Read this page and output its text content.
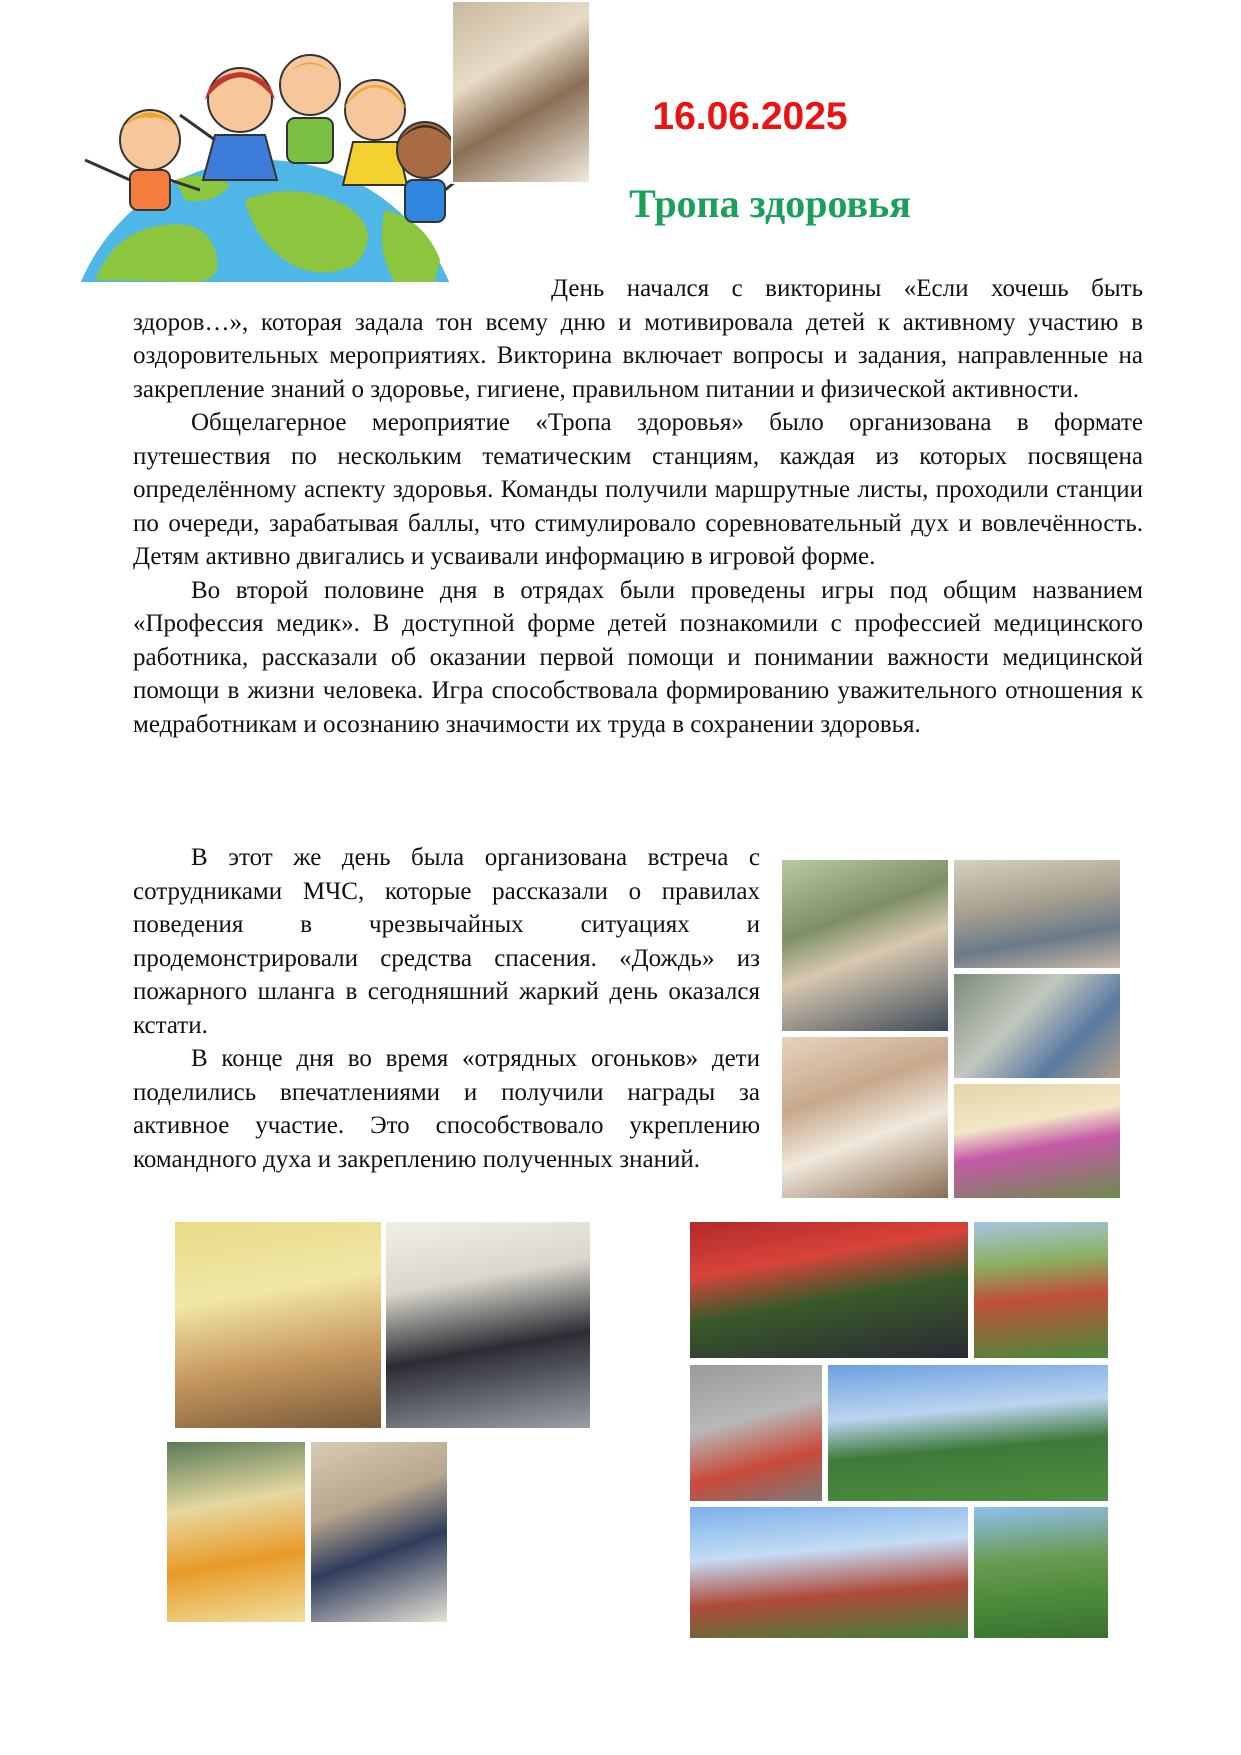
16.06.2025
Тропа здоровья

День начался с викторины «Если хочешь быть здоров…», которая задала тон всему дню и мотивировала детей к активному участию в оздоровительных мероприятиях. Викторина включает вопросы и задания, направленные на закрепление знаний о здоровье, гигиене, правильном питании и физической активности.

Общелагерное мероприятие «Тропа здоровья» было организована в формате путешествия по нескольким тематическим станциям, каждая из которых посвящена определённому аспекту здоровья. Команды получили маршрутные листы, проходили станции по очереди, зарабатывая баллы, что стимулировало соревновательный дух и вовлечённость. Детям активно двигались и усваивали информацию в игровой форме.

Во второй половине дня в отрядах были проведены игры под общим названием «Профессия медик». В доступной форме детей познакомили с профессией медицинского работника, рассказали об оказании первой помощи и понимании важности медицинской помощи в жизни человека. Игра способствовала формированию уважительного отношения к медработникам и осознанию значимости их труда в сохранении здоровья.

В этот же день была организована встреча с сотрудниками МЧС, которые рассказали о правилах поведения в чрезвычайных ситуациях и продемонстрировали средства спасения. «Дождь» из пожарного шланга в сегодняшний жаркий день оказался кстати.

В конце дня во время «отрядных огоньков» дети поделились впечатлениями и получили награды за активное участие. Это способствовало укреплению командного духа и закреплению полученных знаний.
